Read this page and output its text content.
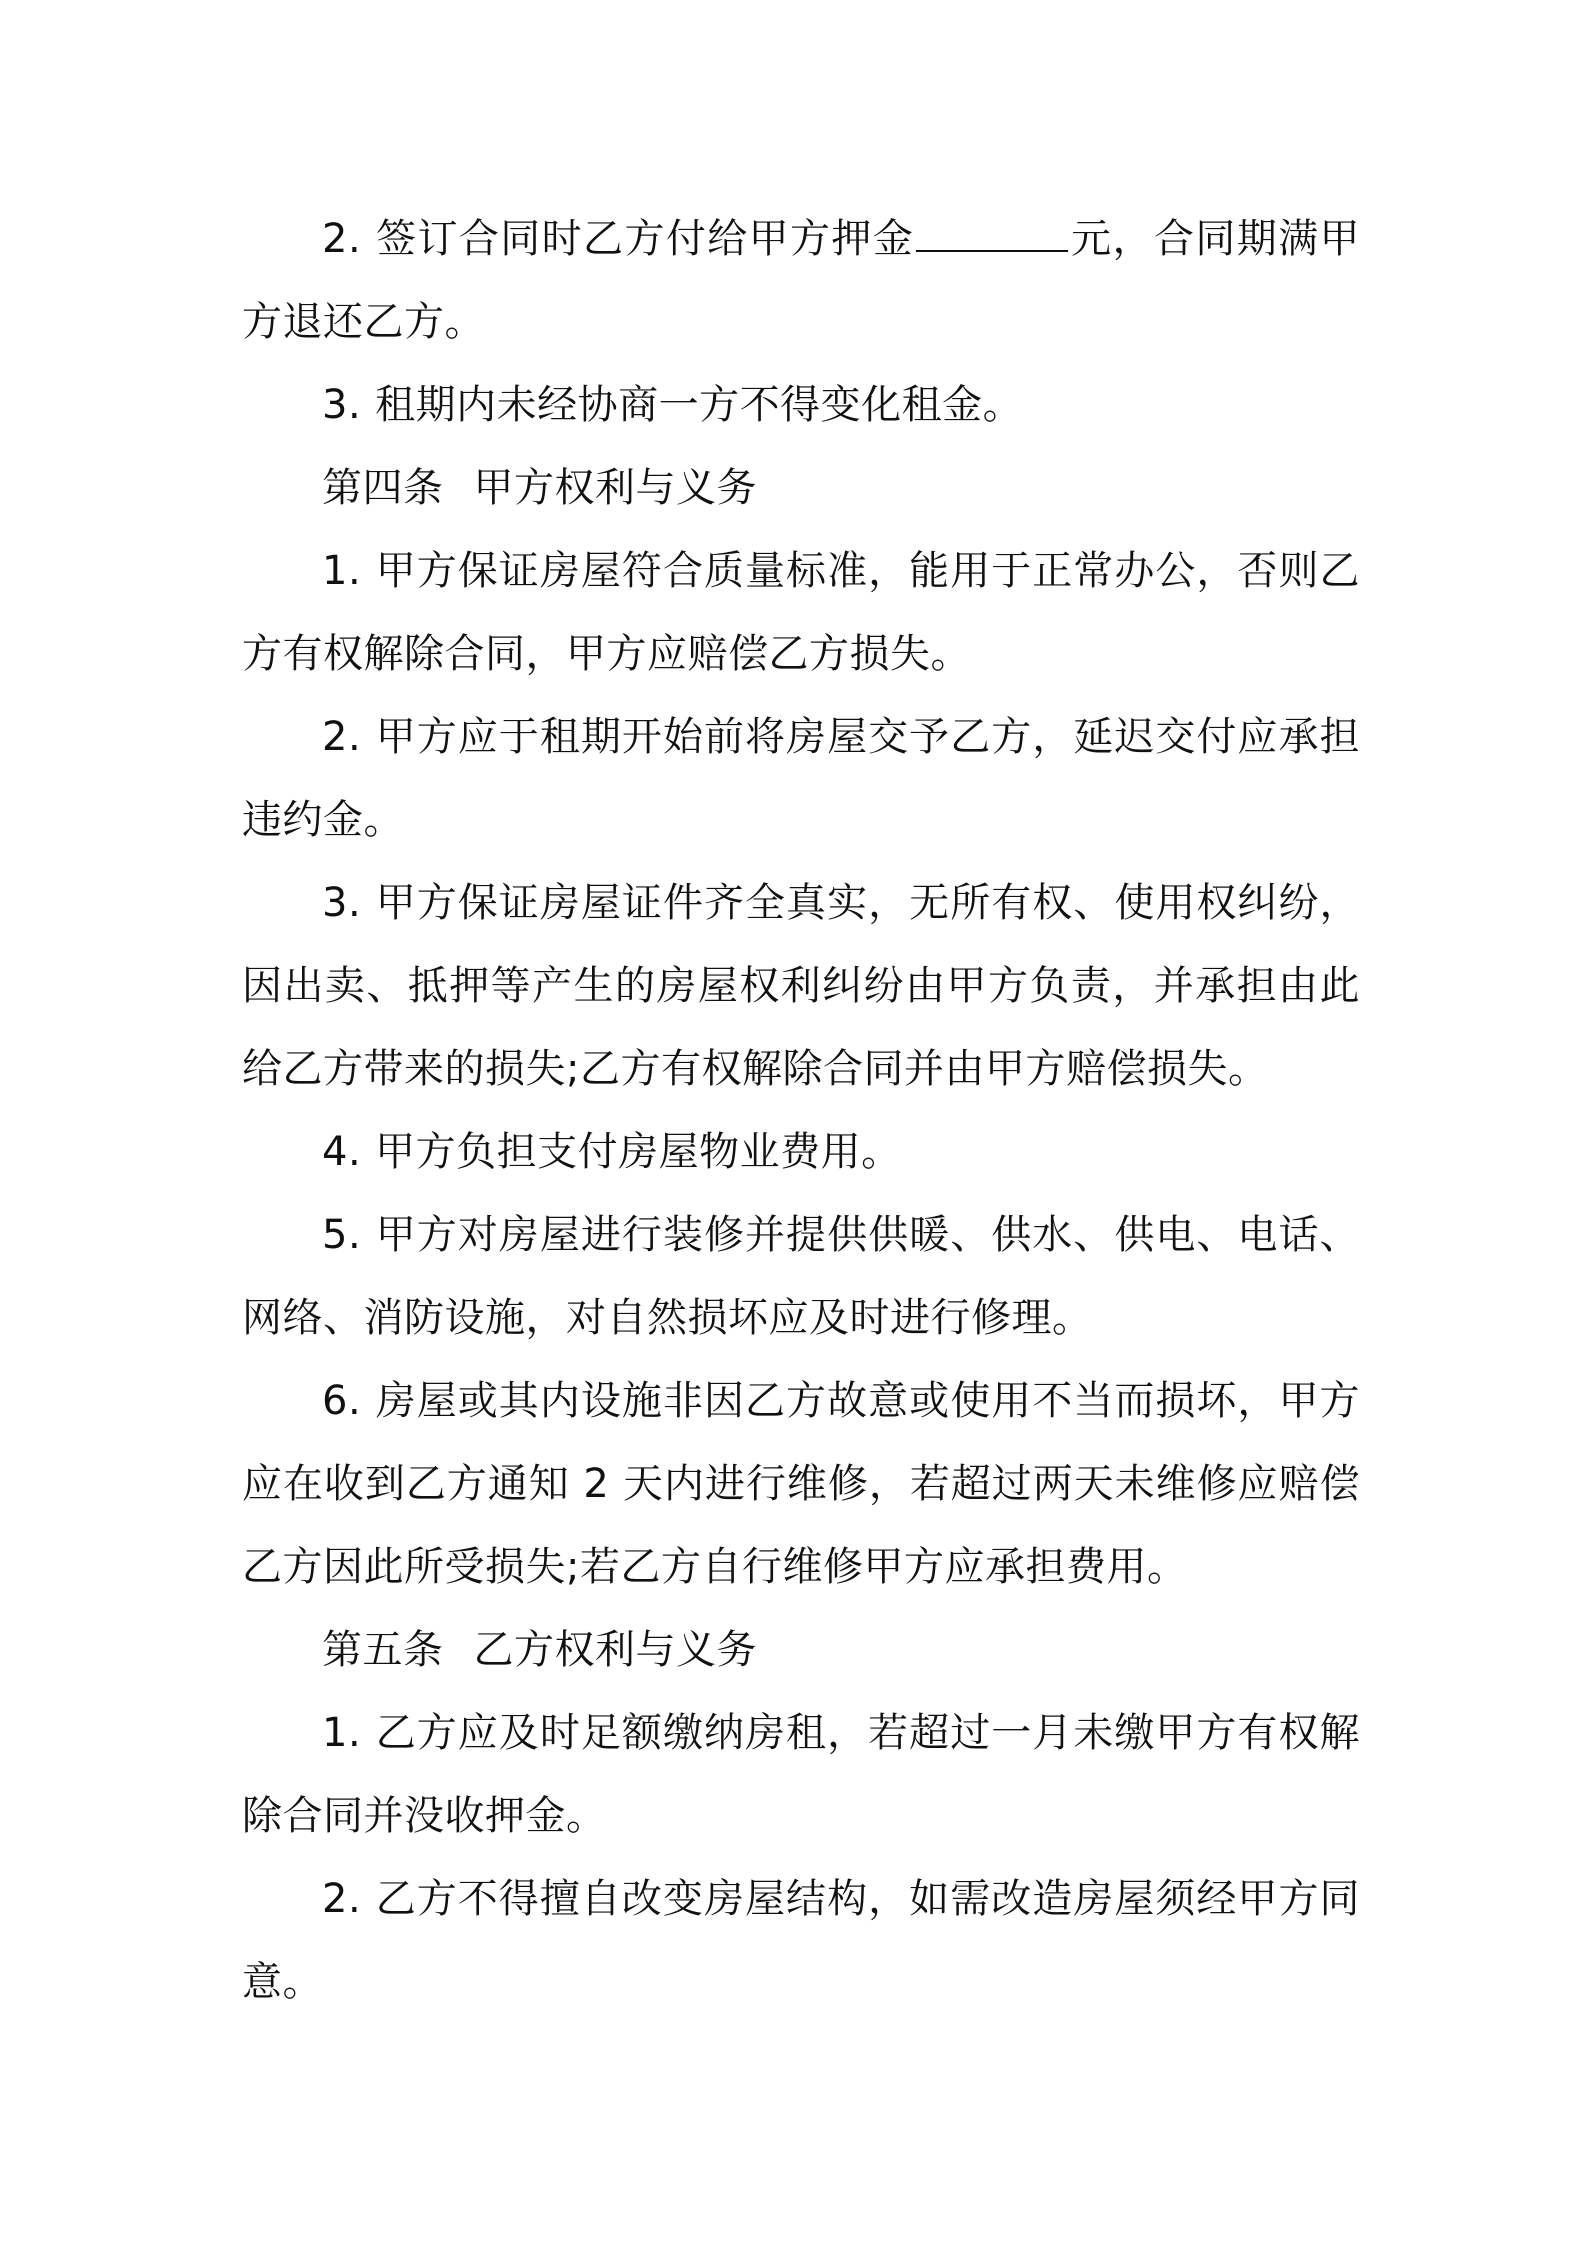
2. 签订合同时乙方付给甲方押金	元，合同期满甲方退还乙方。

3. 租期内未经协商一方不得变化租金。

第四条 甲方权利与义务

1. 甲方保证房屋符合质量标准，能用于正常办公，否则乙方有权解除合同，甲方应赔偿乙方损失。

2. 甲方应于租期开始前将房屋交予乙方，延迟交付应承担违约金。

3. 甲方保证房屋证件齐全真实，无所有权、使用权纠纷，因出卖、抵押等产生的房屋权利纠纷由甲方负责，并承担由此给乙方带来的损失;乙方有权解除合同并由甲方赔偿损失。

4. 甲方负担支付房屋物业费用。

5. 甲方对房屋进行装修并提供供暖、供水、供电、电话、网络、消防设施，对自然损坏应及时进行修理。

6. 房屋或其内设施非因乙方故意或使用不当而损坏，甲方应在收到乙方通知 2 天内进行维修，若超过两天未维修应赔偿乙方因此所受损失;若乙方自行维修甲方应承担费用。

第五条 乙方权利与义务

1. 乙方应及时足额缴纳房租，若超过一月未缴甲方有权解除合同并没收押金。

2. 乙方不得擅自改变房屋结构，如需改造房屋须经甲方同意。
